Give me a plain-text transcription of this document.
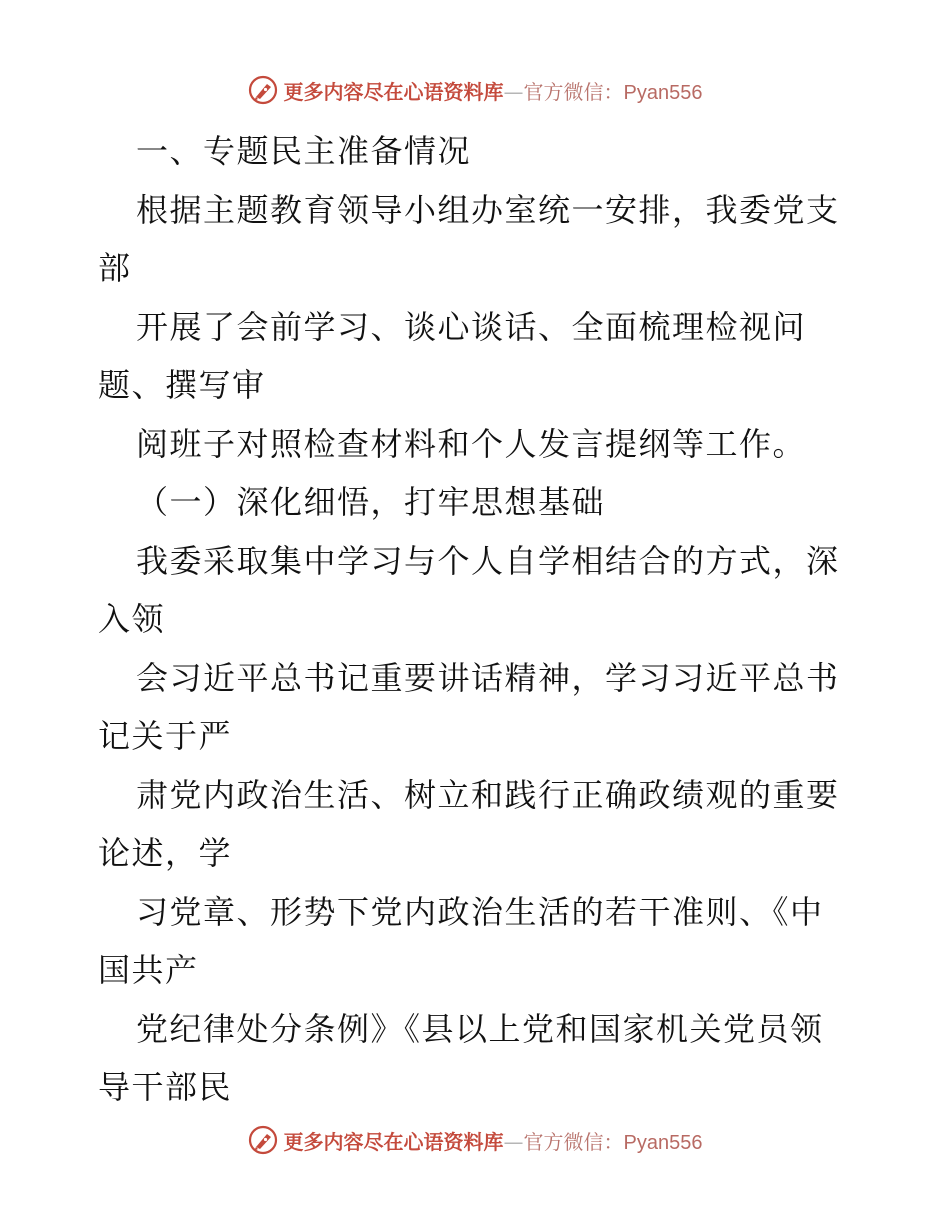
更多内容尽在心语资料库—官方微信：Pyan556

一、专题民主准备情况

根据主题教育领导小组办室统一安排，我委党支

部

开展了会前学习、谈心谈话、全面梳理检视问

题、撰写审

阅班子对照检查材料和个人发言提纲等工作。

（一）深化细悟，打牢思想基础

我委采取集中学习与个人自学相结合的方式，深

入领

会习近平总书记重要讲话精神，学习习近平总书

记关于严

肃党内政治生活、树立和践行正确政绩观的重要

论述，学

习党章、形势下党内政治生活的若干准则、《中

国共产

党纪律处分条例》《县以上党和国家机关党员领

导干部民

更多内容尽在心语资料库—官方微信：Pyan556
